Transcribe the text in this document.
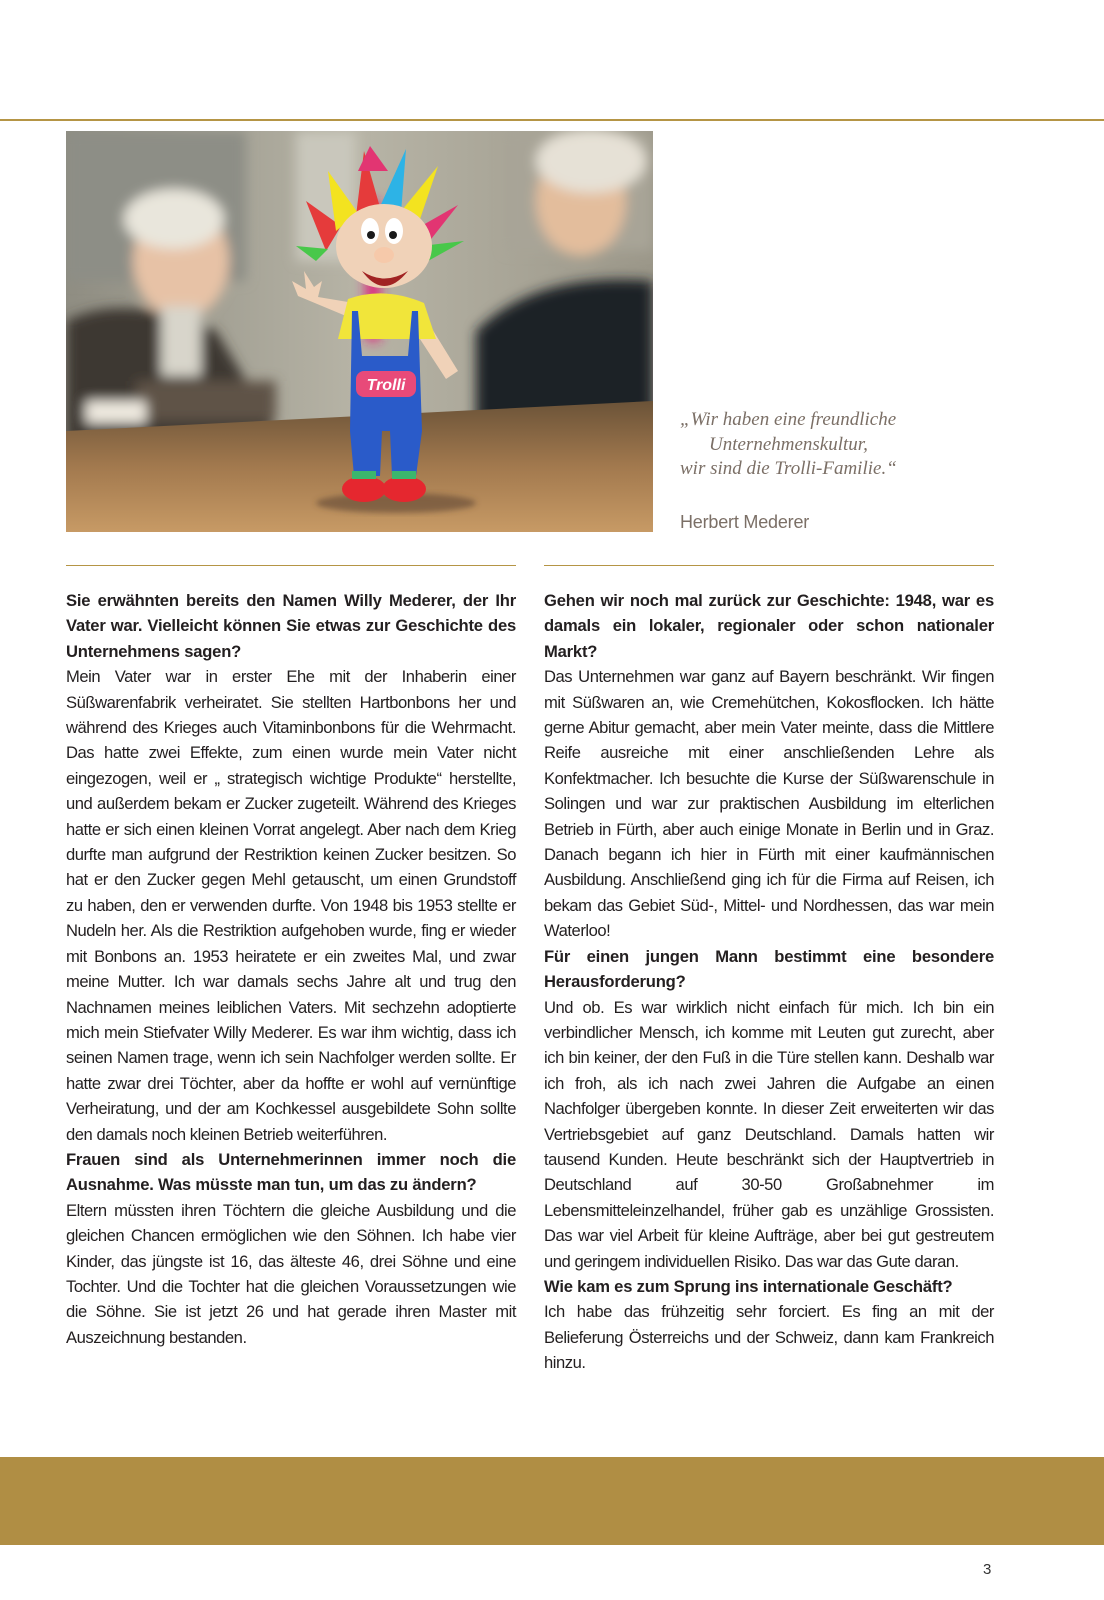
Trolli
„Wir haben eine freundliche
Unternehmenskultur,
wir sind die Trolli-Familie.“
Herbert Mederer

Sie erwähnten bereits den Namen Willy Mederer, der Ihr Vater war. Vielleicht können Sie etwas zur Geschichte des Unternehmens sagen?

Mein Vater war in erster Ehe mit der Inhaberin einer Süßwarenfabrik verheiratet. Sie stellten Hartbonbons her und während des Krieges auch Vitaminbonbons für die Wehrmacht. Das hatte zwei Effekte, zum einen wurde mein Vater nicht eingezogen, weil er „ strategisch wichtige Produkte“ herstellte, und außerdem bekam er Zucker zugeteilt. Während des Krieges hatte er sich einen kleinen Vorrat angelegt. Aber nach dem Krieg durfte man aufgrund der Restriktion keinen Zucker besitzen. So hat er den Zucker gegen Mehl getauscht, um einen Grundstoff zu haben, den er verwenden durfte. Von 1948 bis 1953 stellte er Nudeln her. Als die Restriktion aufgehoben wurde, fing er wieder mit Bonbons an. 1953 heiratete er ein zweites Mal, und zwar meine Mutter. Ich war damals sechs Jahre alt und trug den Nachnamen meines leiblichen Vaters. Mit sechzehn adoptierte mich mein Stiefvater Willy Mederer. Es war ihm wichtig, dass ich seinen Namen trage, wenn ich sein Nachfolger werden sollte. Er hatte zwar drei Töchter, aber da hoffte er wohl auf vernünftige Verheiratung, und der am Kochkessel ausgebildete Sohn sollte den damals noch kleinen Betrieb weiterführen.

Frauen sind als Unternehmerinnen immer noch die Ausnahme. Was müsste man tun, um das zu ändern?

Eltern müssten ihren Töchtern die gleiche Ausbildung und die gleichen Chancen ermöglichen wie den Söhnen. Ich habe vier Kinder, das jüngste ist 16, das älteste 46, drei Söhne und eine Tochter. Und die Tochter hat die gleichen Voraussetzungen wie die Söhne. Sie ist jetzt 26 und hat gerade ihren Master mit Auszeichnung bestanden.

Gehen wir noch mal zurück zur Geschichte: 1948, war es damals ein lokaler, regionaler oder schon nationaler Markt?

Das Unternehmen war ganz auf Bayern beschränkt. Wir fingen mit Süßwaren an, wie Cremehütchen, Kokosflocken. Ich hätte gerne Abitur gemacht, aber mein Vater meinte, dass die Mittlere Reife ausreiche mit einer anschließenden Lehre als Konfektmacher. Ich besuchte die Kurse der Süßwarenschule in Solingen und war zur praktischen Ausbildung im elterlichen Betrieb in Fürth, aber auch einige Monate in Berlin und in Graz. Danach begann ich hier in Fürth mit einer kaufmännischen Ausbildung. Anschließend ging ich für die Firma auf Reisen, ich bekam das Gebiet Süd-, Mittel- und Nordhessen, das war mein Waterloo!

Für einen jungen Mann bestimmt eine besondere Herausforderung?

Und ob. Es war wirklich nicht einfach für mich. Ich bin ein verbindlicher Mensch, ich komme mit Leuten gut zurecht, aber ich bin keiner, der den Fuß in die Türe stellen kann. Deshalb war ich froh, als ich nach zwei Jahren die Aufgabe an einen Nachfolger übergeben konnte. In dieser Zeit erweiterten wir das Vertriebsgebiet auf ganz Deutschland. Damals hatten wir tausend Kunden. Heute beschränkt sich der Hauptvertrieb in Deutschland auf 30-50 Großabnehmer im Lebensmitteleinzelhandel, früher gab es unzählige Grossisten. Das war viel Arbeit für kleine Aufträge, aber bei gut gestreutem und geringem individuellen Risiko. Das war das Gute daran.

Wie kam es zum Sprung ins internationale Geschäft?

Ich habe das frühzeitig sehr forciert. Es fing an mit der Belieferung Österreichs und der Schweiz, dann kam Frankreich hinzu.

3
